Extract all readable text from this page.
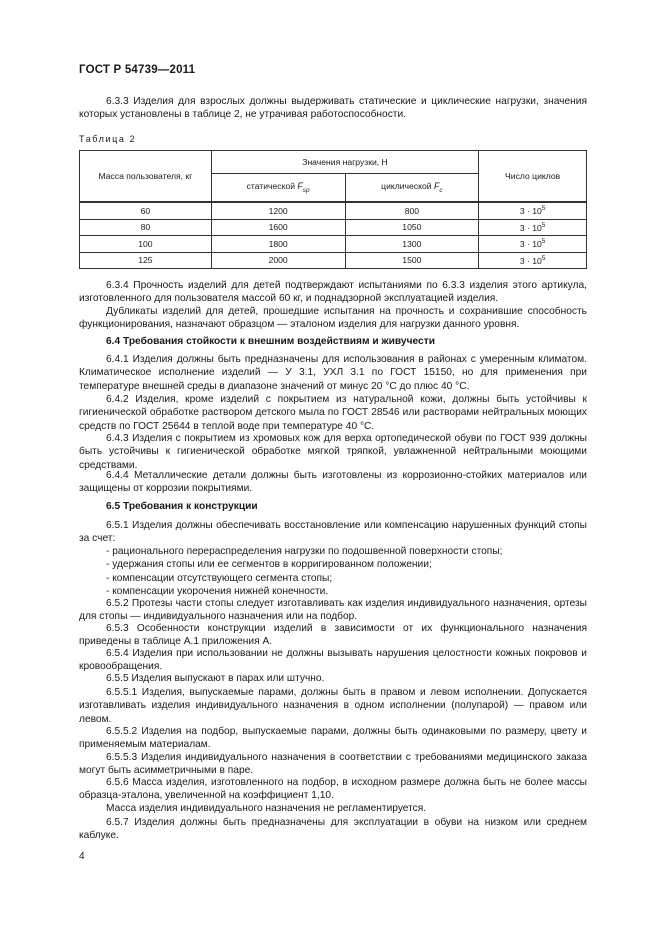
ГОСТ Р 54739—2011
6.3.3 Изделия для взрослых должны выдерживать статические и циклические нагрузки, значения которых установлены в таблице 2, не утрачивая работоспособности.
Таблица 2
Масса пользователя, кг	Значения нагрузки, Н		Число циклов
	статической $F_{sp}$	циклической $F_c$
60	1200	800	$3 \cdot 10^5$
80	1600	1050	$3 \cdot 10^5$
100	1800	1300	$3 \cdot 10^5$
125	2000	1500	$3 \cdot 10^5$
6.3.4 Прочность изделий для детей подтверждают испытаниями по 6.3.3 изделия этого артикула, изготовленного для пользователя массой 60 кг, и поднадзорной эксплуатацией изделия.
Дубликаты изделий для детей, прошедшие испытания на прочность и сохранившие способность функционирования, назначают образцом — эталоном изделия для нагрузки данного уровня.
6.4 Требования стойкости к внешним воздействиям и живучести
6.4.1 Изделия должны быть предназначены для использования в районах с умеренным климатом. Климатическое исполнение изделий — У 3.1, УХЛ 3.1 по ГОСТ 15150, но для применения при температуре внешней среды в диапазоне значений от минус 20 °С до плюс 40 °С.
6.4.2 Изделия, кроме изделий с покрытием из натуральной кожи, должны быть устойчивы к гигиенической обработке раствором детского мыла по ГОСТ 28546 или растворами нейтральных моющих средств по ГОСТ 25644 в теплой воде при температуре 40 °С.
6.4.3 Изделия с покрытием из хромовых кож для верха ортопедической обуви по ГОСТ 939 должны быть устойчивы к гигиенической обработке мягкой тряпкой, увлажненной нейтральными моющими средствами.
6.4.4 Металлические детали должны быть изготовлены из коррозионно-стойких материалов или защищены от коррозии покрытиями.
6.5 Требования к конструкции
6.5.1 Изделия должны обеспечивать восстановление или компенсацию нарушенных функций стопы за счет:
- рационального перераспределения нагрузки по подошвенной поверхности стопы;
- удержания стопы или ее сегментов в корригированном положении;
- компенсации отсутствующего сегмента стопы;
- компенсации укорочения нижней конечности.
6.5.2 Протезы части стопы следует изготавливать как изделия индивидуального назначения, ортезы для стопы — индивидуального назначения или на подбор.
6.5.3 Особенности конструкции изделий в зависимости от их функционального назначения приведены в таблице А.1 приложения А.
6.5.4 Изделия при использовании не должны вызывать нарушения целостности кожных покровов и кровообращения.
6.5.5 Изделия выпускают в парах или штучно.
6.5.5.1 Изделия, выпускаемые парами, должны быть в правом и левом исполнении. Допускается изготавливать изделия индивидуального назначения в одном исполнении (полупарой) — правом или левом.
6.5.5.2 Изделия на подбор, выпускаемые парами, должны быть одинаковыми по размеру, цвету и применяемым материалам.
6.5.5.3 Изделия индивидуального назначения в соответствии с требованиями медицинского заказа могут быть асимметричными в паре.
6.5.6 Масса изделия, изготовленного на подбор, в исходном размере должна быть не более массы образца-эталона, увеличенной на коэффициент 1,10.
Масса изделия индивидуального назначения не регламентируется.
6.5.7 Изделия должны быть предназначены для эксплуатации в обуви на низком или среднем каблуке.
4
